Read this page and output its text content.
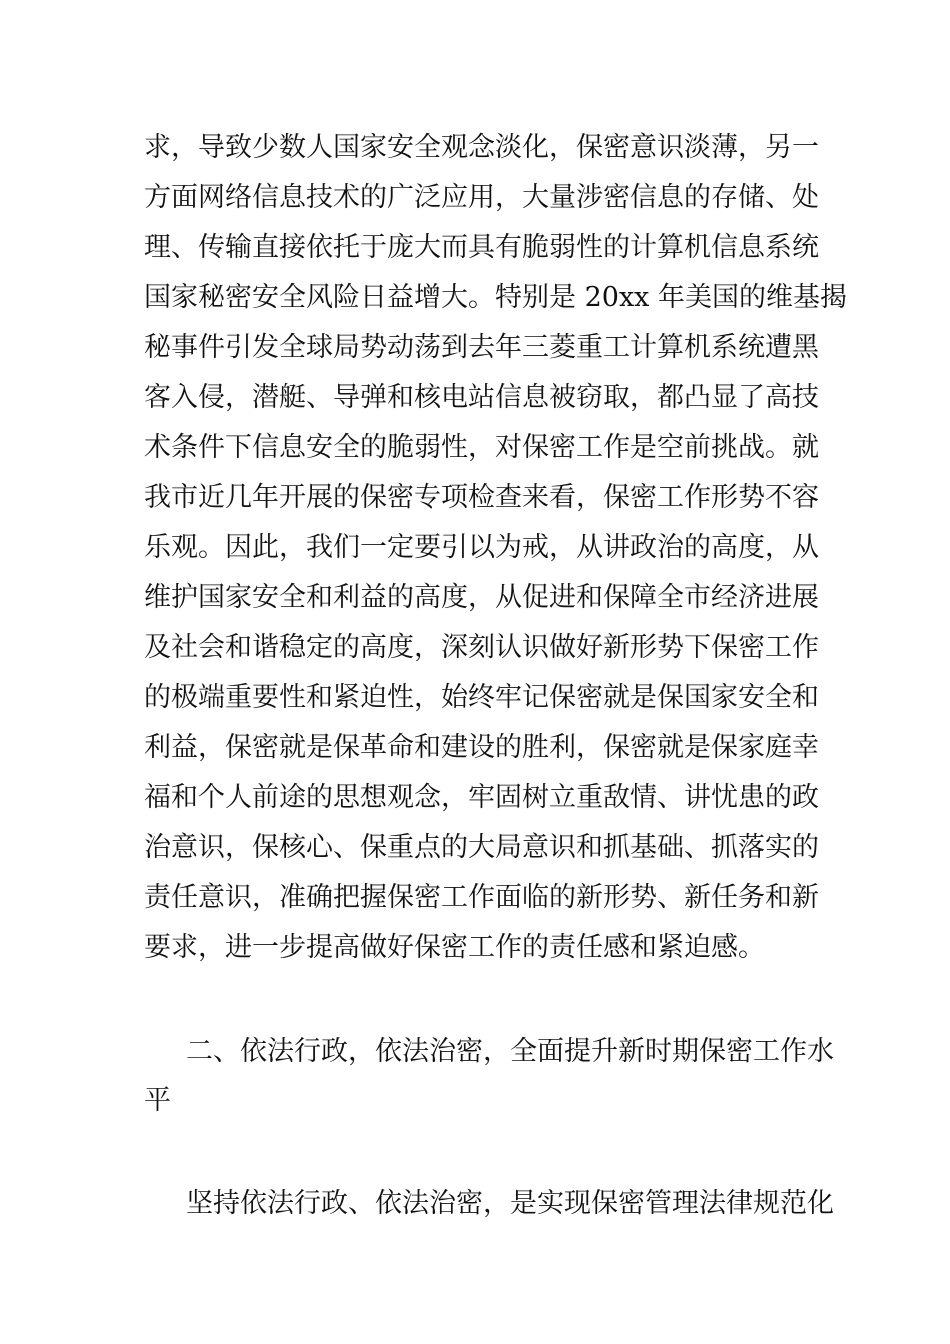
求，导致少数人国家安全观念淡化，保密意识淡薄，另一
方面网络信息技术的广泛应用，大量涉密信息的存储、处
理、传输直接依托于庞大而具有脆弱性的计算机信息系统
国家秘密安全风险日益增大。特别是 20xx 年美国的维基揭
秘事件引发全球局势动荡到去年三菱重工计算机系统遭黑
客入侵，潜艇、导弹和核电站信息被窃取，都凸显了高技
术条件下信息安全的脆弱性，对保密工作是空前挑战。就
我市近几年开展的保密专项检查来看，保密工作形势不容
乐观。因此，我们一定要引以为戒，从讲政治的高度，从
维护国家安全和利益的高度，从促进和保障全市经济进展
及社会和谐稳定的高度，深刻认识做好新形势下保密工作
的极端重要性和紧迫性，始终牢记保密就是保国家安全和
利益，保密就是保革命和建设的胜利，保密就是保家庭幸
福和个人前途的思想观念，牢固树立重敌情、讲忧患的政
治意识，保核心、保重点的大局意识和抓基础、抓落实的
责任意识，准确把握保密工作面临的新形势、新任务和新
要求，进一步提高做好保密工作的责任感和紧迫感。
二、依法行政，依法治密，全面提升新时期保密工作水
平
坚持依法行政、依法治密，是实现保密管理法律规范化
